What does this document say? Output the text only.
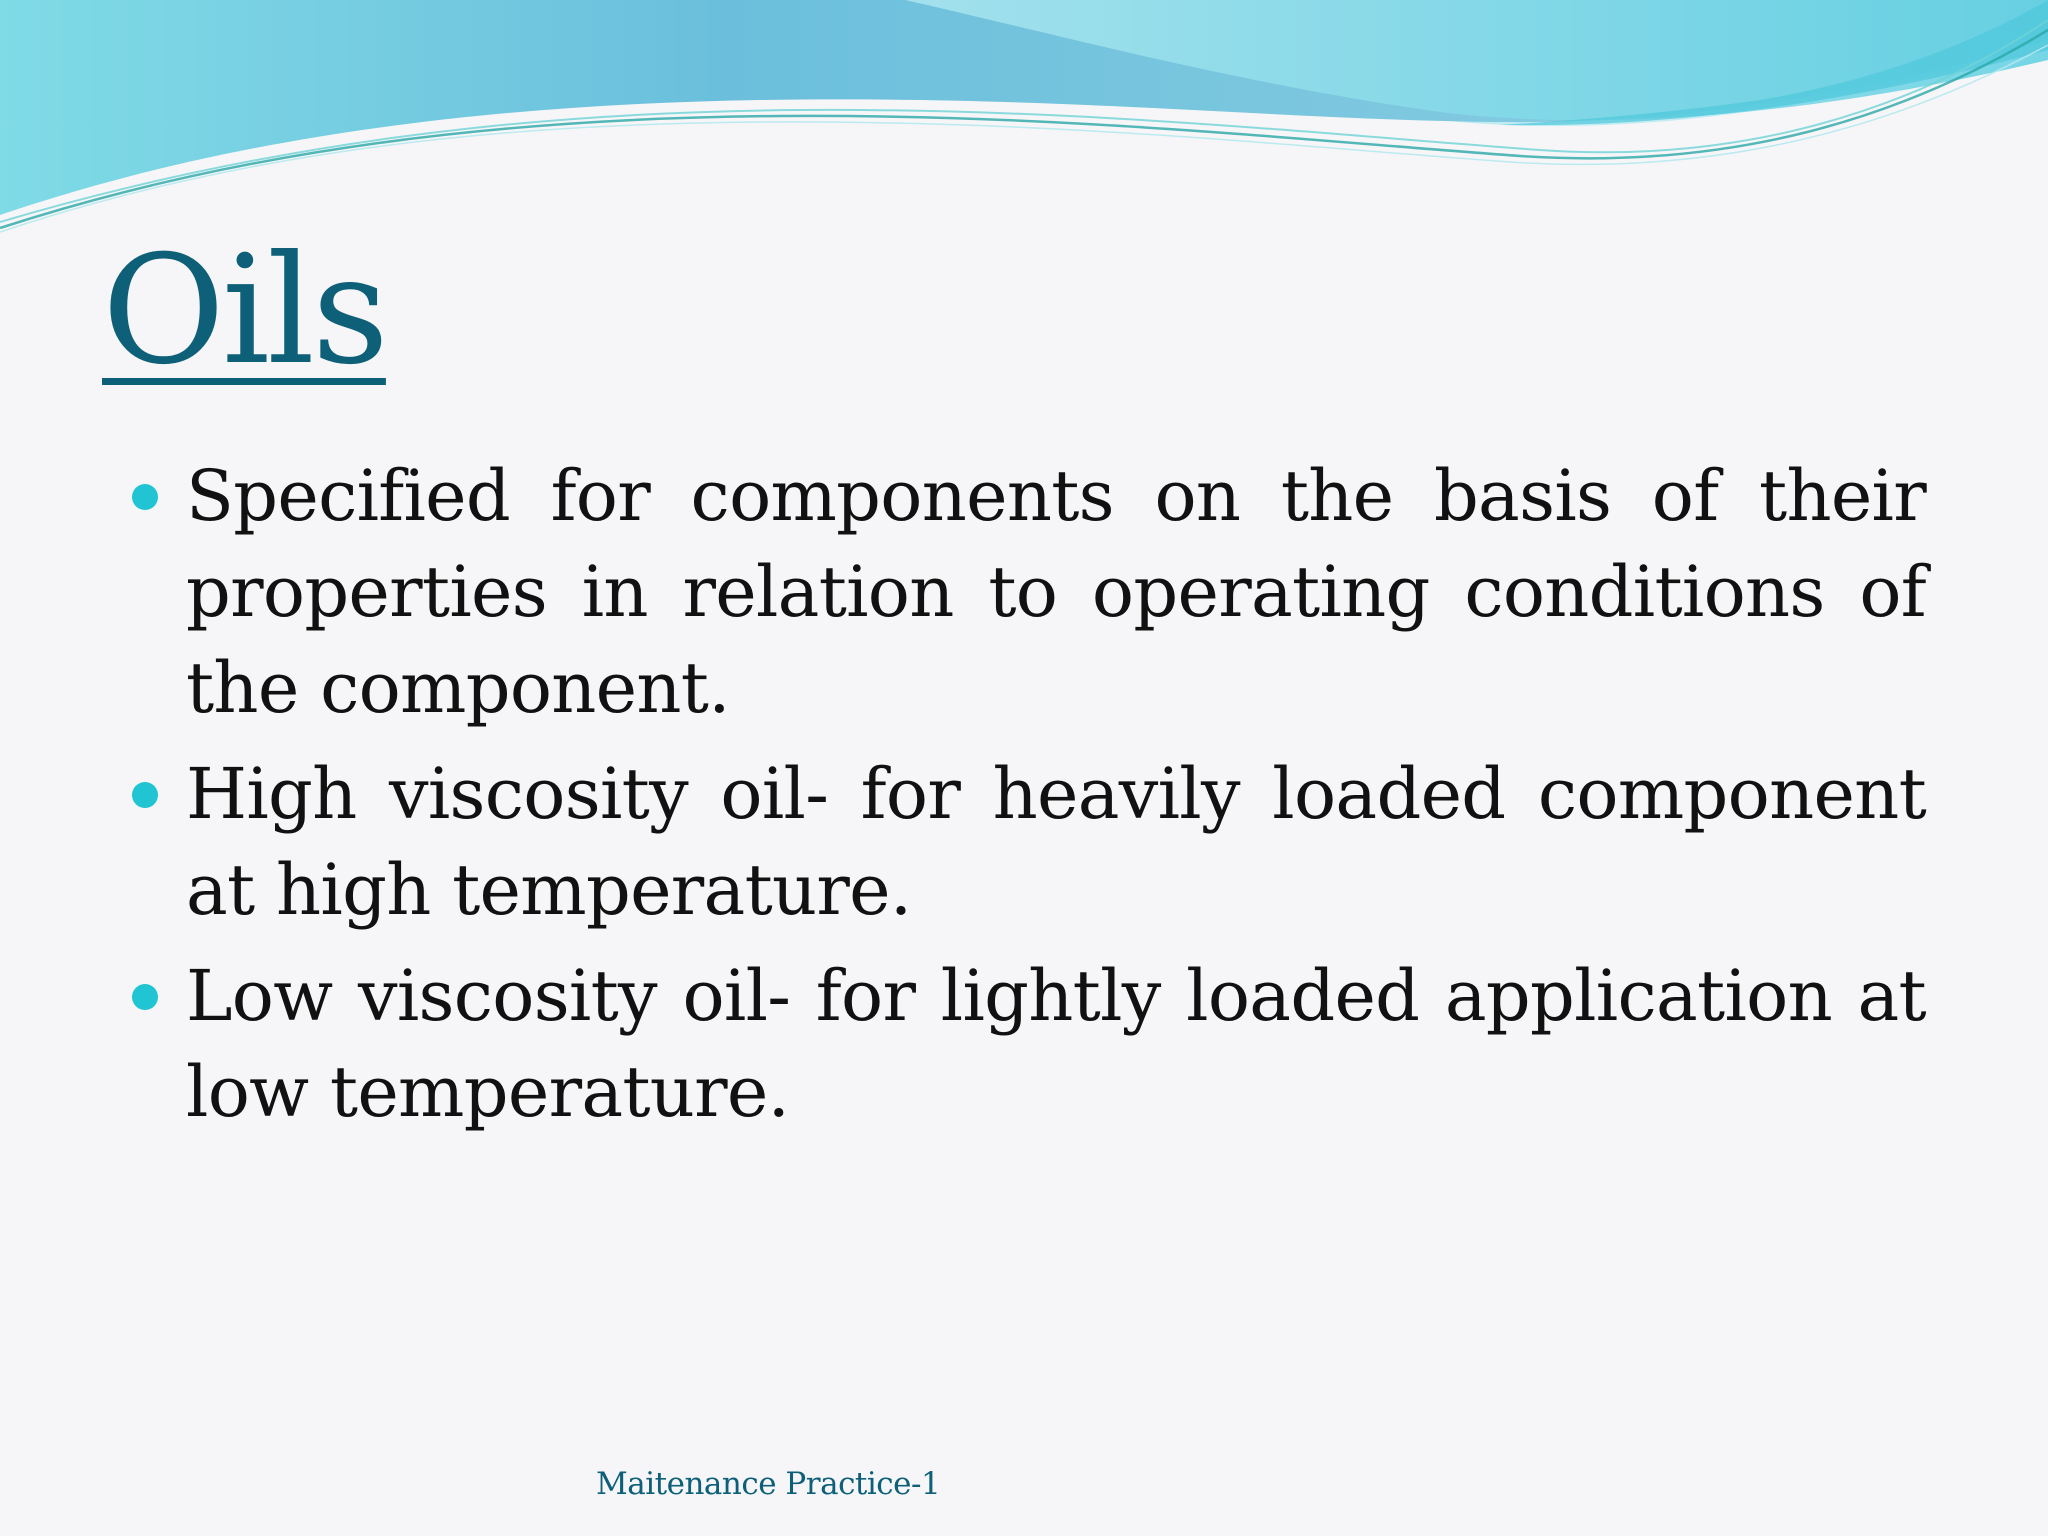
Oils
Specified for components on the basis of their properties in relation to operating conditions of the component.
High viscosity oil- for heavily loaded component at high temperature.
Low viscosity oil- for lightly loaded application at low temperature.
Maitenance Practice-1
